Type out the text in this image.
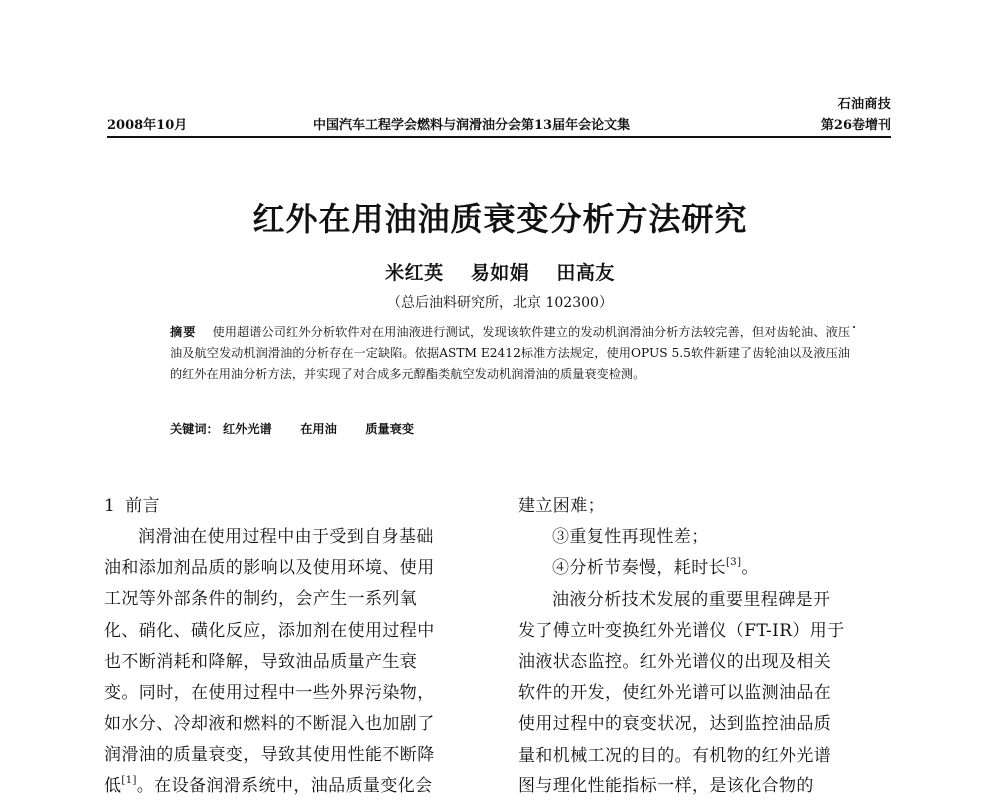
石油商技
2008年10月	中国汽车工程学会燃料与润滑油分会第13届年会论文集	第26卷增刊
红外在用油油质衰变分析方法研究
米红英 易如娟 田高友
（总后油料研究所，北京 102300）
摘要 使用超谱公司红外分析软件对在用油液进行测试，发现该软件建立的发动机润滑油分析方法较完善，但对齿轮油、液压油及航空发动机润滑油的分析存在一定缺陷。依据ASTM E2412标准方法规定，使用OPUS 5.5软件新建了齿轮油以及液压油的红外在用油分析方法，并实现了对合成多元醇酯类航空发动机润滑油的质量衰变检测。
关键词： 红外光谱 在用油 质量衰变
1 前言
润滑油在使用过程中由于受到自身基础
油和添加剂品质的影响以及使用环境、使用
工况等外部条件的制约，会产生一系列氧
化、硝化、磺化反应，添加剂在使用过程中
也不断消耗和降解，导致油品质量产生衰
变。同时，在使用过程中一些外界污染物，
如水分、冷却液和燃料的不断混入也加剧了
润滑油的质量衰变，导致其使用性能不断降
低[1]。在设备润滑系统中，油品质量变化会
建立困难；
③重复性再现性差；
④分析节奏慢，耗时长[3]。
油液分析技术发展的重要里程碑是开
发了傅立叶变换红外光谱仪（FT-IR）用于
油液状态监控。红外光谱仪的出现及相关
软件的开发，使红外光谱可以监测油品在
使用过程中的衰变状况，达到监控油品质
量和机械工况的目的。有机物的红外光谱
图与理化性能指标一样，是该化合物的
